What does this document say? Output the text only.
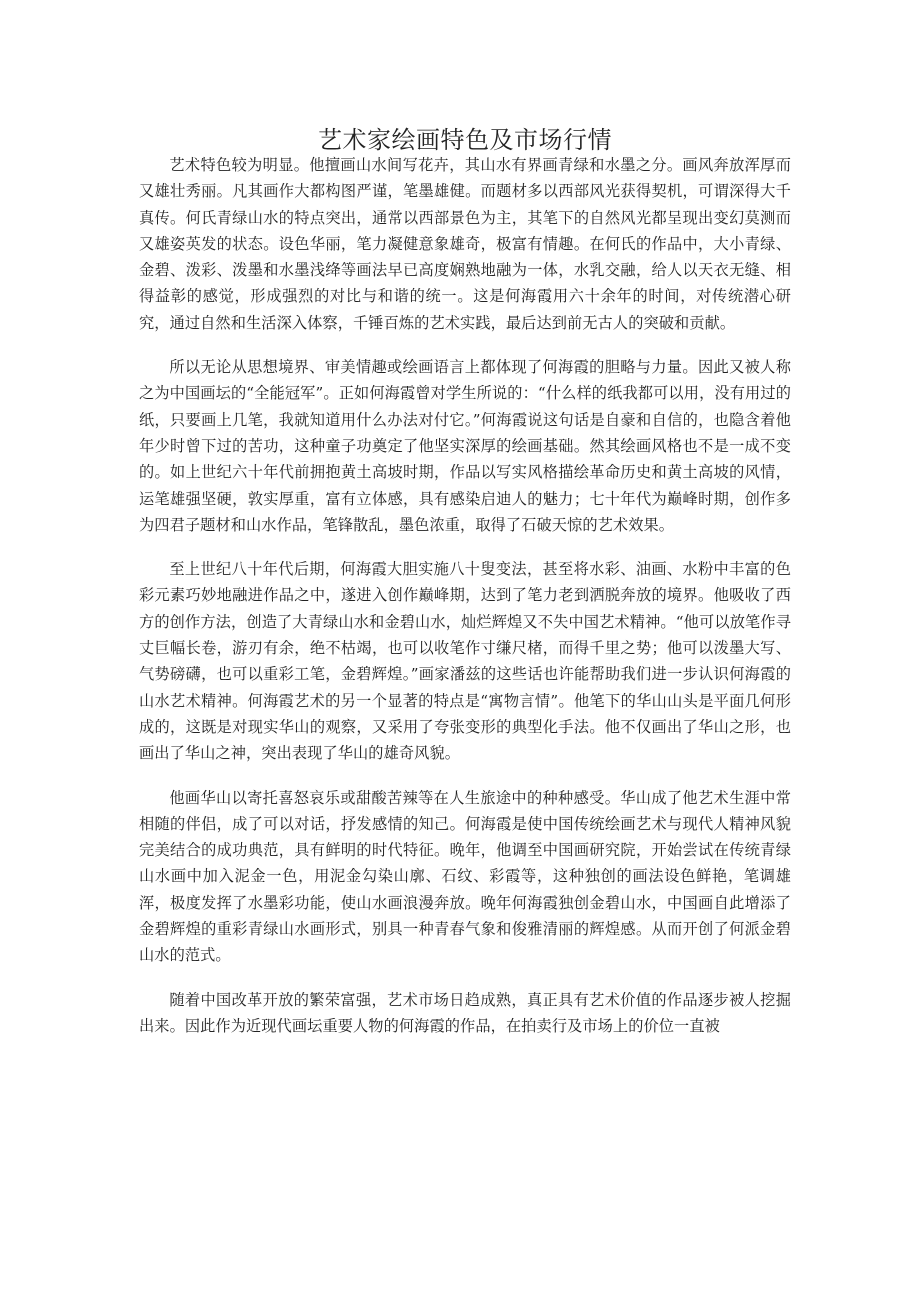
艺术家绘画特色及市场行情

艺术特色较为明显。他擅画山水间写花卉，其山水有界画青绿和水墨之分。画风奔放浑厚而又雄壮秀丽。凡其画作大都构图严谨，笔墨雄健。而题材多以西部风光获得契机，可谓深得大千真传。何氏青绿山水的特点突出，通常以西部景色为主，其笔下的自然风光都呈现出变幻莫测而又雄姿英发的状态。设色华丽，笔力凝健意象雄奇，极富有情趣。在何氏的作品中，大小青绿、金碧、泼彩、泼墨和水墨浅绛等画法早已高度娴熟地融为一体，水乳交融，给人以天衣无缝、相得益彰的感觉，形成强烈的对比与和谐的统一。这是何海霞用六十余年的时间，对传统潜心研究，通过自然和生活深入体察，千锤百炼的艺术实践，最后达到前无古人的突破和贡献。

所以无论从思想境界、审美情趣或绘画语言上都体现了何海霞的胆略与力量。因此又被人称之为中国画坛的“全能冠军”。正如何海霞曾对学生所说的：“什么样的纸我都可以用，没有用过的纸，只要画上几笔，我就知道用什么办法对付它。”何海霞说这句话是自豪和自信的，也隐含着他年少时曾下过的苦功，这种童子功奠定了他坚实深厚的绘画基础。然其绘画风格也不是一成不变的。如上世纪六十年代前拥抱黄土高坡时期，作品以写实风格描绘革命历史和黄土高坡的风情，运笔雄强坚硬，敦实厚重，富有立体感，具有感染启迪人的魅力；七十年代为巅峰时期，创作多为四君子题材和山水作品，笔锋散乱，墨色浓重，取得了石破天惊的艺术效果。

至上世纪八十年代后期，何海霞大胆实施八十叟变法，甚至将水彩、油画、水粉中丰富的色彩元素巧妙地融进作品之中，遂进入创作巅峰期，达到了笔力老到洒脱奔放的境界。他吸收了西方的创作方法，创造了大青绿山水和金碧山水，灿烂辉煌又不失中国艺术精神。“他可以放笔作寻丈巨幅长卷，游刃有余，绝不枯竭，也可以收笔作寸缣尺楮，而得千里之势；他可以泼墨大写、气势磅礴，也可以重彩工笔，金碧辉煌。”画家潘兹的这些话也许能帮助我们进一步认识何海霞的山水艺术精神。何海霞艺术的另一个显著的特点是“寓物言情”。他笔下的华山山头是平面几何形成的，这既是对现实华山的观察，又采用了夸张变形的典型化手法。他不仅画出了华山之形，也画出了华山之神，突出表现了华山的雄奇风貌。

他画华山以寄托喜怒哀乐或甜酸苦辣等在人生旅途中的种种感受。华山成了他艺术生涯中常相随的伴侣，成了可以对话，抒发感情的知己。何海霞是使中国传统绘画艺术与现代人精神风貌完美结合的成功典范，具有鲜明的时代特征。晚年，他调至中国画研究院，开始尝试在传统青绿山水画中加入泥金一色，用泥金勾染山廓、石纹、彩霞等，这种独创的画法设色鲜艳，笔调雄浑，极度发挥了水墨彩功能，使山水画浪漫奔放。晚年何海霞独创金碧山水，中国画自此增添了金碧辉煌的重彩青绿山水画形式，别具一种青春气象和俊雅清丽的辉煌感。从而开创了何派金碧山水的范式。

随着中国改革开放的繁荣富强，艺术市场日趋成熟，真正具有艺术价值的作品逐步被人挖掘出来。因此作为近现代画坛重要人物的何海霞的作品，在拍卖行及市场上的价位一直被
